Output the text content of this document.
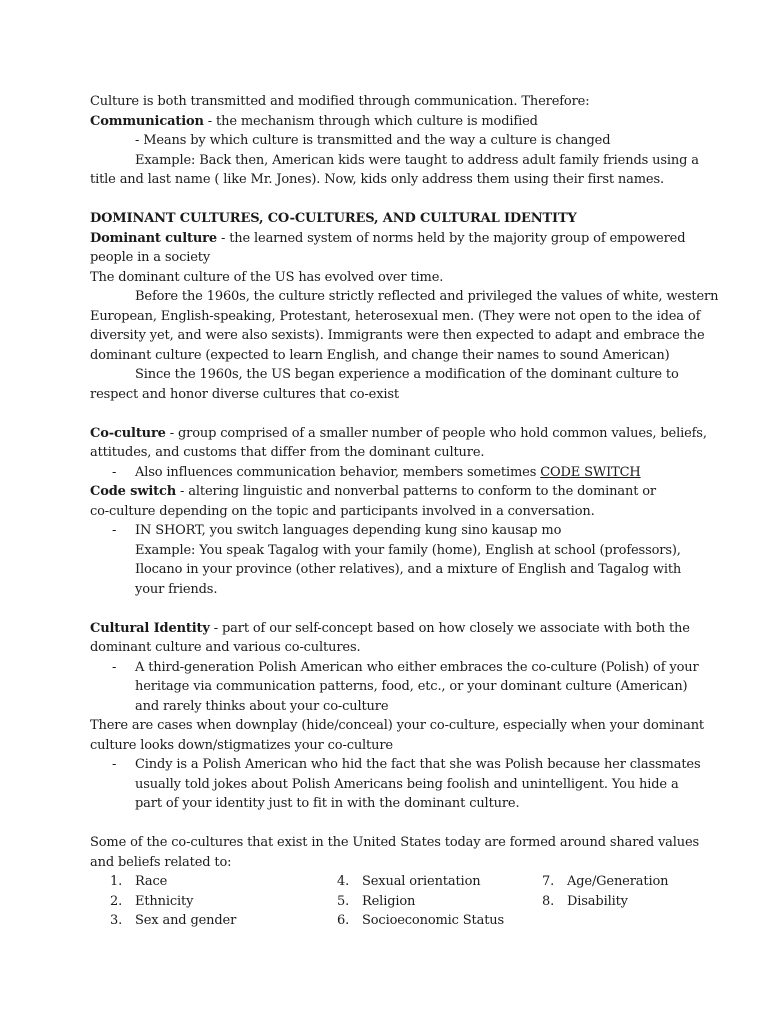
Culture is both transmitted and modified through communication. Therefore:

Communication - the mechanism through which culture is modified

- Means by which culture is transmitted and the way a culture is changed

Example: Back then, American kids were taught to address adult family friends using a

title and last name ( like Mr. Jones). Now, kids only address them using their first names.

DOMINANT CULTURES, CO-CULTURES, AND CULTURAL IDENTITY

Dominant culture - the learned system of norms held by the majority group of empowered

people in a society

The dominant culture of the US has evolved over time.

Before the 1960s, the culture strictly reflected and privileged the values of white, western

European, English-speaking, Protestant, heterosexual men. (They were not open to the idea of

diversity yet, and were also sexists). Immigrants were then expected to adapt and embrace the

dominant culture (expected to learn English, and change their names to sound American)

Since the 1960s, the US began experience a modification of the dominant culture to

respect and honor diverse cultures that co-exist

Co-culture - group comprised of a smaller number of people who hold common values, beliefs,

attitudes, and customs that differ from the dominant culture.

- Also influences communication behavior, members sometimes CODE SWITCH

Code switch - altering linguistic and nonverbal patterns to conform to the dominant or

co-culture depending on the topic and participants involved in a conversation.

- IN SHORT, you switch languages depending kung sino kausap mo

Example: You speak Tagalog with your family (home), English at school (professors),

Ilocano in your province (other relatives), and a mixture of English and Tagalog with

your friends.

Cultural Identity - part of our self-concept based on how closely we associate with both the

dominant culture and various co-cultures.

- A third-generation Polish American who either embraces the co-culture (Polish) of your

heritage via communication patterns, food, etc., or your dominant culture (American)

and rarely thinks about your co-culture

There are cases when downplay (hide/conceal) your co-culture, especially when your dominant

culture looks down/stigmatizes your co-culture

- Cindy is a Polish American who hid the fact that she was Polish because her classmates

usually told jokes about Polish Americans being foolish and unintelligent. You hide a

part of your identity just to fit in with the dominant culture.

Some of the co-cultures that exist in the United States today are formed around shared values

and beliefs related to:

1. Race
2. Ethnicity
3. Sex and gender
4. Sexual orientation
5. Religion
6. Socioeconomic Status
7. Age/Generation
8. Disability
